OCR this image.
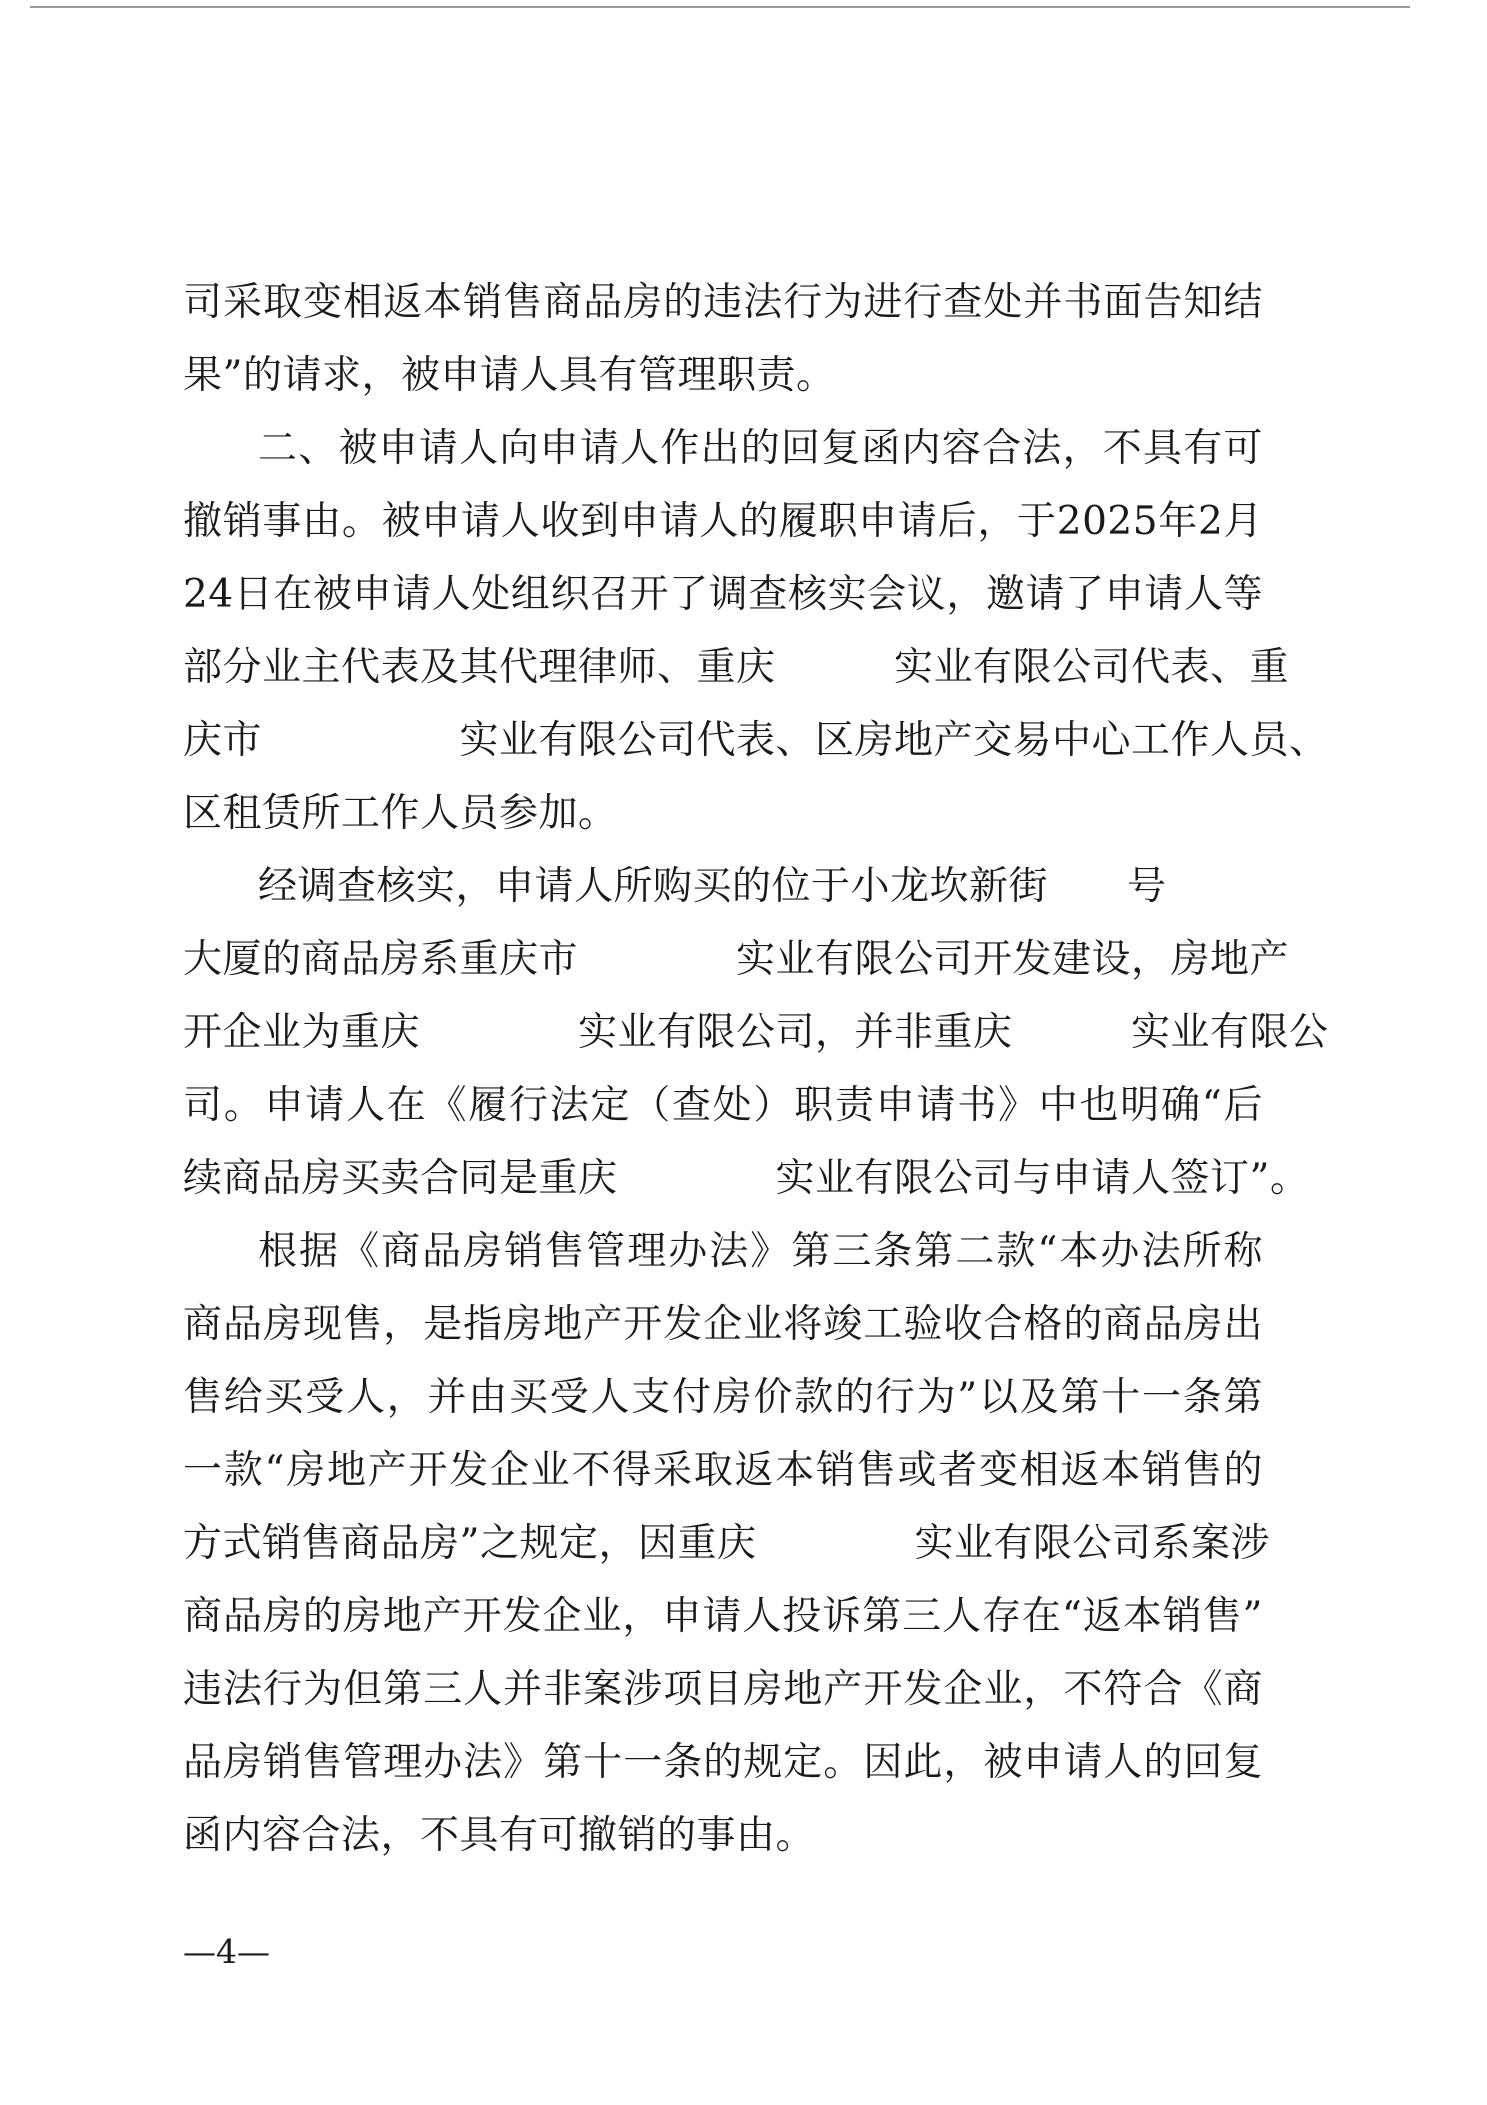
司采取变相返本销售商品房的违法行为进行查处并书面告知结
果”的请求，被申请人具有管理职责。
二、被申请人向申请人作出的回复函内容合法，不具有可
撤销事由。被申请人收到申请人的履职申请后，于2025年2月
24日在被申请人处组织召开了调查核实会议，邀请了申请人等
部分业主代表及其代理律师、重庆　　　实业有限公司代表、重
庆市　　　　　实业有限公司代表、区房地产交易中心工作人员、
区租赁所工作人员参加。
经调查核实，申请人所购买的位于小龙坎新街　　号
大厦的商品房系重庆市　　　　实业有限公司开发建设，房地产
开企业为重庆　　　　实业有限公司，并非重庆　　　实业有限公
司。申请人在《履行法定（查处）职责申请书》中也明确“后
续商品房买卖合同是重庆　　　　实业有限公司与申请人签订”。
根据《商品房销售管理办法》第三条第二款“本办法所称
商品房现售，是指房地产开发企业将竣工验收合格的商品房出
售给买受人，并由买受人支付房价款的行为”以及第十一条第
一款“房地产开发企业不得采取返本销售或者变相返本销售的
方式销售商品房”之规定，因重庆　　　　实业有限公司系案涉
商品房的房地产开发企业，申请人投诉第三人存在“返本销售”
违法行为但第三人并非案涉项目房地产开发企业，不符合《商
品房销售管理办法》第十一条的规定。因此，被申请人的回复
函内容合法，不具有可撤销的事由。
—4—
